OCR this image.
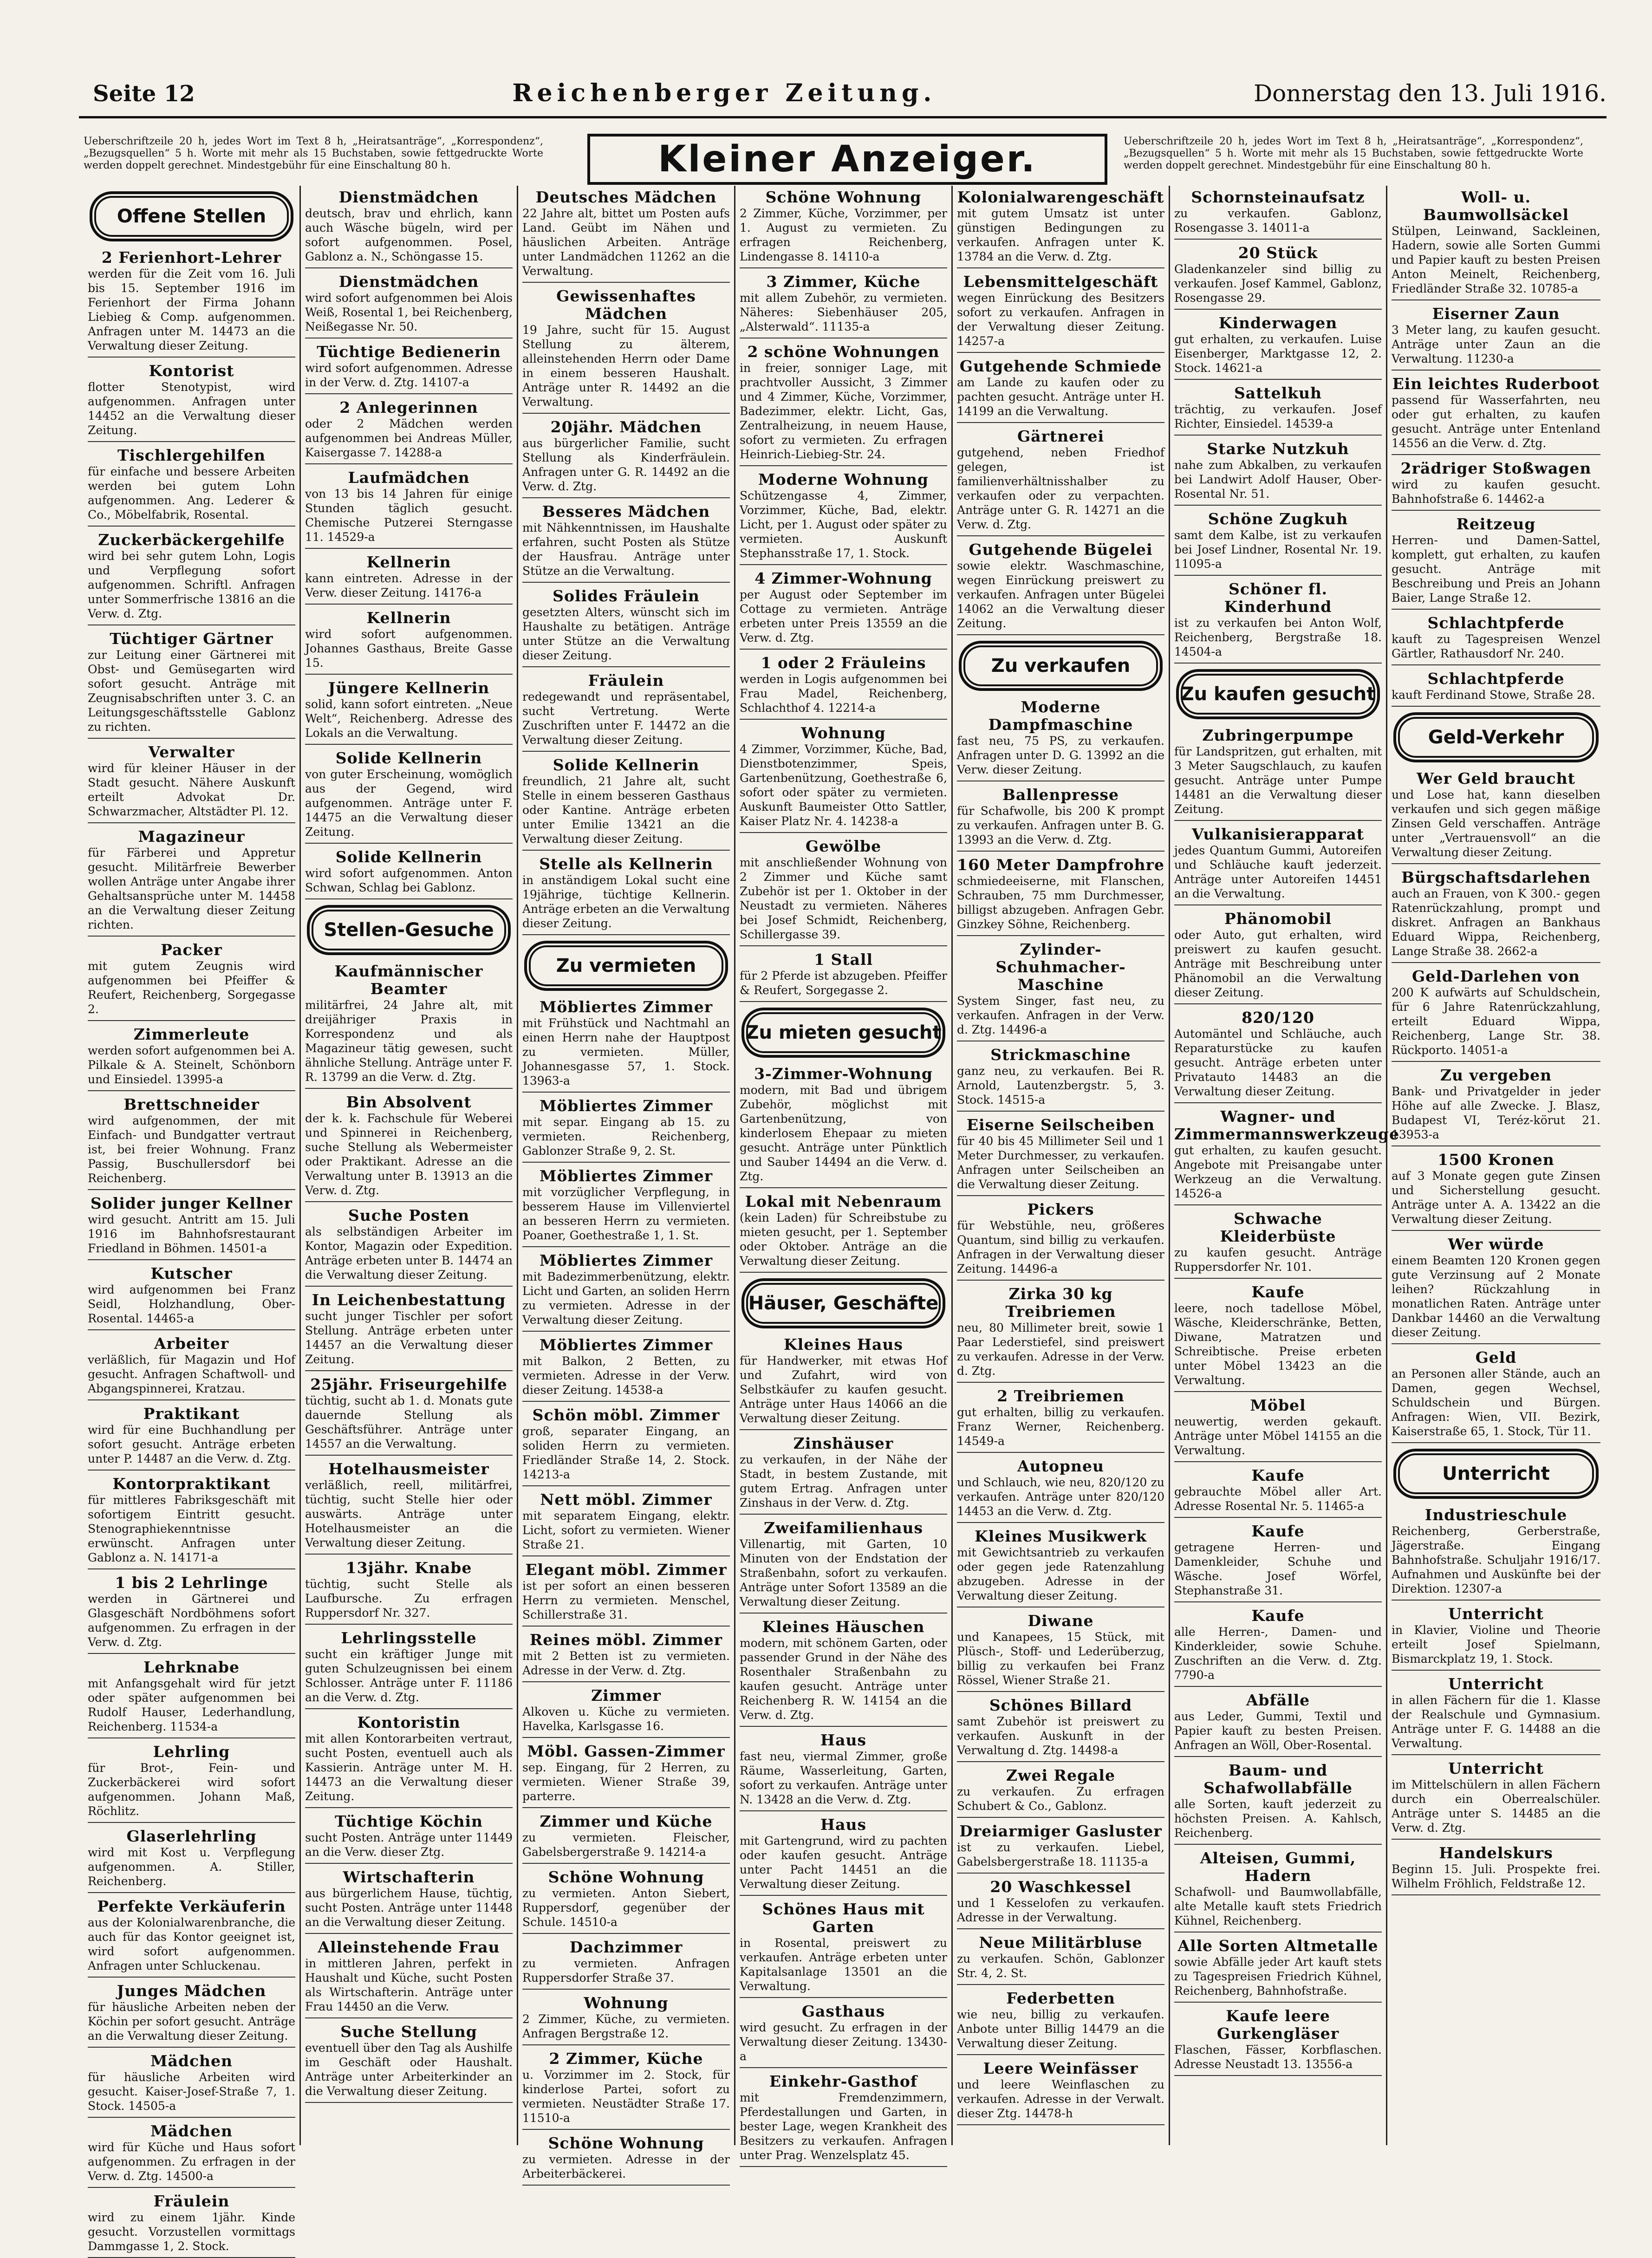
Seite 12	Reichenberger Zeitung.	Donnerstag den 13. Juli 1916.
Ueberschriftzeile 20 h, jedes Wort im Text 8 h, „Heiratsanträge“, „Korrespondenz“, „Bezugsquellen“ 5 h. Worte mit mehr als 15 Buchstaben, sowie fettgedruckte Worte werden doppelt gerechnet. Mindestgebühr für eine Einschaltung 80 h.	Kleiner Anzeiger.	Ueberschriftzeile 20 h, jedes Wort im Text 8 h, „Heiratsanträge“, „Korrespondenz“, „Bezugsquellen“ 5 h. Worte mit mehr als 15 Buchstaben, sowie fettgedruckte Worte werden doppelt gerechnet. Mindestgebühr für eine Einschaltung 80 h.
Offene Stellen
2 Ferienhort-Lehrer
werden für die Zeit vom 16. Juli bis 15. September 1916 im Ferienhort der Firma Johann Liebieg & Comp. aufgenommen. Anfragen unter M. 14473 an die Verwaltung dieser Zeitung.
Kontorist
flotter Stenotypist, wird aufgenommen. Anfragen unter 14452 an die Verwaltung dieser Zeitung.
Tischlergehilfen
für einfache und bessere Arbeiten werden bei gutem Lohn aufgenommen. Ang. Lederer & Co., Möbelfabrik, Rosental.
Zuckerbäckergehilfe
wird bei sehr gutem Lohn, Logis und Verpflegung sofort aufgenommen. Schriftl. Anfragen unter Sommerfrische 13816 an die Verw. d. Ztg.
Tüchtiger Gärtner
zur Leitung einer Gärtnerei mit Obst- und Gemüsegarten wird sofort gesucht. Anträge mit Zeugnisabschriften unter 3. C. an Leitungsgeschäftsstelle Gablonz zu richten.
Verwalter
wird für kleiner Häuser in der Stadt gesucht. Nähere Auskunft erteilt Advokat Dr. Schwarzmacher, Altstädter Pl. 12.
Magazineur
für Färberei und Appretur gesucht. Militärfreie Bewerber wollen Anträge unter Angabe ihrer Gehaltsansprüche unter M. 14458 an die Verwaltung dieser Zeitung richten.
Packer
mit gutem Zeugnis wird aufgenommen bei Pfeiffer & Reufert, Reichenberg, Sorgegasse 2.
Zimmerleute
werden sofort aufgenommen bei A. Pilkale & A. Steinelt, Schönborn und Einsiedel. 13995-a
Brettschneider
wird aufgenommen, der mit Einfach- und Bundgatter vertraut ist, bei freier Wohnung. Franz Passig, Buschullersdorf bei Reichenberg.
Solider junger Kellner
wird gesucht. Antritt am 15. Juli 1916 im Bahnhofsrestaurant Friedland in Böhmen. 14501-a
Kutscher
wird aufgenommen bei Franz Seidl, Holzhandlung, Ober-Rosental. 14465-a
Arbeiter
verläßlich, für Magazin und Hof gesucht. Anfragen Schaftwoll- und Abgangspinnerei, Kratzau.
Praktikant
wird für eine Buchhandlung per sofort gesucht. Anträge erbeten unter P. 14487 an die Verw. d. Ztg.
Kontorpraktikant
für mittleres Fabriksgeschäft mit sofortigem Eintritt gesucht. Stenographiekenntnisse erwünscht. Anfragen unter Gablonz a. N. 14171-a
1 bis 2 Lehrlinge
werden in Gärtnerei und Glasgeschäft Nordböhmens sofort aufgenommen. Zu erfragen in der Verw. d. Ztg.
Lehrknabe
mit Anfangsgehalt wird für jetzt oder später aufgenommen bei Rudolf Hauser, Lederhandlung, Reichenberg. 11534-a
Lehrling
für Brot-, Fein- und Zuckerbäckerei wird sofort aufgenommen. Johann Maß, Röchlitz.
Glaserlehrling
wird mit Kost u. Verpflegung aufgenommen. A. Stiller, Reichenberg.
Perfekte Verkäuferin
aus der Kolonialwarenbranche, die auch für das Kontor geeignet ist, wird sofort aufgenommen. Anfragen unter Schluckenau.
Junges Mädchen
für häusliche Arbeiten neben der Köchin per sofort gesucht. Anträge an die Verwaltung dieser Zeitung.
Mädchen
für häusliche Arbeiten wird gesucht. Kaiser-Josef-Straße 7, 1. Stock. 14505-a
Mädchen
wird für Küche und Haus sofort aufgenommen. Zu erfragen in der Verw. d. Ztg. 14500-a
Fräulein
wird zu einem 1jähr. Kinde gesucht. Vorzustellen vormittags Dammgasse 1, 2. Stock.
Dienstmädchen
deutsch, brav und ehrlich, kann auch Wäsche bügeln, wird per sofort aufgenommen. Posel, Gablonz a. N., Schöngasse 15.
Dienstmädchen
wird sofort aufgenommen bei Alois Weiß, Rosental 1, bei Reichenberg, Neißegasse Nr. 50.
Tüchtige Bedienerin
wird sofort aufgenommen. Adresse in der Verw. d. Ztg. 14107-a
2 Anlegerinnen
oder 2 Mädchen werden aufgenommen bei Andreas Müller, Kaisergasse 7. 14288-a
Laufmädchen
von 13 bis 14 Jahren für einige Stunden täglich gesucht. Chemische Putzerei Sterngasse 11. 14529-a
Kellnerin
kann eintreten. Adresse in der Verw. dieser Zeitung. 14176-a
Kellnerin
wird sofort aufgenommen. Johannes Gasthaus, Breite Gasse 15.
Jüngere Kellnerin
solid, kann sofort eintreten. „Neue Welt“, Reichenberg. Adresse des Lokals an die Verwaltung.
Solide Kellnerin
von guter Erscheinung, womöglich aus der Gegend, wird aufgenommen. Anträge unter F. 14475 an die Verwaltung dieser Zeitung.
Solide Kellnerin
wird sofort aufgenommen. Anton Schwan, Schlag bei Gablonz.
Stellen-Gesuche
Kaufmännischer Beamter
militärfrei, 24 Jahre alt, mit dreijähriger Praxis in Korrespondenz und als Magazineur tätig gewesen, sucht ähnliche Stellung. Anträge unter F. R. 13799 an die Verw. d. Ztg.
Bin Absolvent
der k. k. Fachschule für Weberei und Spinnerei in Reichenberg, suche Stellung als Webermeister oder Praktikant. Adresse an die Verwaltung unter B. 13913 an die Verw. d. Ztg.
Suche Posten
als selbständigen Arbeiter im Kontor, Magazin oder Expedition. Anträge erbeten unter B. 14474 an die Verwaltung dieser Zeitung.
In Leichenbestattung
sucht junger Tischler per sofort Stellung. Anträge erbeten unter 14457 an die Verwaltung dieser Zeitung.
25jähr. Friseurgehilfe
tüchtig, sucht ab 1. d. Monats gute dauernde Stellung als Geschäftsführer. Anträge unter 14557 an die Verwaltung.
Hotelhausmeister
verläßlich, reell, militärfrei, tüchtig, sucht Stelle hier oder auswärts. Anträge unter Hotelhausmeister an die Verwaltung dieser Zeitung.
13jähr. Knabe
tüchtig, sucht Stelle als Laufbursche. Zu erfragen Ruppersdorf Nr. 327.
Lehrlingsstelle
sucht ein kräftiger Junge mit guten Schulzeugnissen bei einem Schlosser. Anträge unter F. 11186 an die Verw. d. Ztg.
Kontoristin
mit allen Kontorarbeiten vertraut, sucht Posten, eventuell auch als Kassierin. Anträge unter M. H. 14473 an die Verwaltung dieser Zeitung.
Tüchtige Köchin
sucht Posten. Anträge unter 11449 an die Verw. dieser Ztg.
Wirtschafterin
aus bürgerlichem Hause, tüchtig, sucht Posten. Anträge unter 11448 an die Verwaltung dieser Zeitung.
Alleinstehende Frau
in mittleren Jahren, perfekt in Haushalt und Küche, sucht Posten als Wirtschafterin. Anträge unter Frau 14450 an die Verw.
Suche Stellung
eventuell über den Tag als Aushilfe im Geschäft oder Haushalt. Anträge unter Arbeiterkinder an die Verwaltung dieser Zeitung.
Deutsches Mädchen
22 Jahre alt, bittet um Posten aufs Land. Geübt im Nähen und häuslichen Arbeiten. Anträge unter Landmädchen 11262 an die Verwaltung.
Gewissenhaftes Mädchen
19 Jahre, sucht für 15. August Stellung zu älterem, alleinstehenden Herrn oder Dame in einem besseren Haushalt. Anträge unter R. 14492 an die Verwaltung.
20jähr. Mädchen
aus bürgerlicher Familie, sucht Stellung als Kinderfräulein. Anfragen unter G. R. 14492 an die Verw. d. Ztg.
Besseres Mädchen
mit Nähkenntnissen, im Haushalte erfahren, sucht Posten als Stütze der Hausfrau. Anträge unter Stütze an die Verwaltung.
Solides Fräulein
gesetzten Alters, wünscht sich im Haushalte zu betätigen. Anträge unter Stütze an die Verwaltung dieser Zeitung.
Fräulein
redegewandt und repräsentabel, sucht Vertretung. Werte Zuschriften unter F. 14472 an die Verwaltung dieser Zeitung.
Solide Kellnerin
freundlich, 21 Jahre alt, sucht Stelle in einem besseren Gasthaus oder Kantine. Anträge erbeten unter Emilie 13421 an die Verwaltung dieser Zeitung.
Stelle als Kellnerin
in anständigem Lokal sucht eine 19jährige, tüchtige Kellnerin. Anträge erbeten an die Verwaltung dieser Zeitung.
Zu vermieten
Möbliertes Zimmer
mit Frühstück und Nachtmahl an einen Herrn nahe der Hauptpost zu vermieten. Müller, Johannesgasse 57, 1. Stock. 13963-a
Möbliertes Zimmer
mit separ. Eingang ab 15. zu vermieten. Reichenberg, Gablonzer Straße 9, 2. St.
Möbliertes Zimmer
mit vorzüglicher Verpflegung, in besserem Hause im Villenviertel an besseren Herrn zu vermieten. Poaner, Goethestraße 1, 1. St.
Möbliertes Zimmer
mit Badezimmerbenützung, elektr. Licht und Garten, an soliden Herrn zu vermieten. Adresse in der Verwaltung dieser Zeitung.
Möbliertes Zimmer
mit Balkon, 2 Betten, zu vermieten. Adresse in der Verw. dieser Zeitung. 14538-a
Schön möbl. Zimmer
groß, separater Eingang, an soliden Herrn zu vermieten. Friedländer Straße 14, 2. Stock. 14213-a
Nett möbl. Zimmer
mit separatem Eingang, elektr. Licht, sofort zu vermieten. Wiener Straße 21.
Elegant möbl. Zimmer
ist per sofort an einen besseren Herrn zu vermieten. Menschel, Schillerstraße 31.
Reines möbl. Zimmer
mit 2 Betten ist zu vermieten. Adresse in der Verw. d. Ztg.
Zimmer
Alkoven u. Küche zu vermieten. Havelka, Karlsgasse 16.
Möbl. Gassen-Zimmer
sep. Eingang, für 2 Herren, zu vermieten. Wiener Straße 39, parterre.
Zimmer und Küche
zu vermieten. Fleischer, Gabelsbergerstraße 9. 14214-a
Schöne Wohnung
zu vermieten. Anton Siebert, Ruppersdorf, gegenüber der Schule. 14510-a
Dachzimmer
zu vermieten. Anfragen Ruppersdorfer Straße 37.
Wohnung
2 Zimmer, Küche, zu vermieten. Anfragen Bergstraße 12.
2 Zimmer, Küche
u. Vorzimmer im 2. Stock, für kinderlose Partei, sofort zu vermieten. Neustädter Straße 17. 11510-a
Schöne Wohnung
zu vermieten. Adresse in der Arbeiterbäckerei.
Schöne Wohnung
2 Zimmer, Küche, Vorzimmer, per 1. August zu vermieten. Zu erfragen Reichenberg, Lindengasse 8. 14110-a
3 Zimmer, Küche
mit allem Zubehör, zu vermieten. Näheres: Siebenhäuser 205, „Alsterwald“. 11135-a
2 schöne Wohnungen
in freier, sonniger Lage, mit prachtvoller Aussicht, 3 Zimmer und 4 Zimmer, Küche, Vorzimmer, Badezimmer, elektr. Licht, Gas, Zentralheizung, in neuem Hause, sofort zu vermieten. Zu erfragen Heinrich-Liebieg-Str. 24.
Moderne Wohnung
Schützengasse 4, Zimmer, Vorzimmer, Küche, Bad, elektr. Licht, per 1. August oder später zu vermieten. Auskunft Stephansstraße 17, 1. Stock.
4 Zimmer-Wohnung
per August oder September im Cottage zu vermieten. Anträge erbeten unter Preis 13559 an die Verw. d. Ztg.
1 oder 2 Fräuleins
werden in Logis aufgenommen bei Frau Madel, Reichenberg, Schlachthof 4. 12214-a
Wohnung
4 Zimmer, Vorzimmer, Küche, Bad, Dienstbotenzimmer, Speis, Gartenbenützung, Goethestraße 6, sofort oder später zu vermieten. Auskunft Baumeister Otto Sattler, Kaiser Platz Nr. 4. 14238-a
Gewölbe
mit anschließender Wohnung von 2 Zimmer und Küche samt Zubehör ist per 1. Oktober in der Neustadt zu vermieten. Näheres bei Josef Schmidt, Reichenberg, Schillergasse 39.
1 Stall
für 2 Pferde ist abzugeben. Pfeiffer & Reufert, Sorgegasse 2.
Zu mieten gesucht
3-Zimmer-Wohnung
modern, mit Bad und übrigem Zubehör, möglichst mit Gartenbenützung, von kinderlosem Ehepaar zu mieten gesucht. Anträge unter Pünktlich und Sauber 14494 an die Verw. d. Ztg.
Lokal mit Nebenraum
(kein Laden) für Schreibstube zu mieten gesucht, per 1. September oder Oktober. Anträge an die Verwaltung dieser Zeitung.
Häuser, Geschäfte
Kleines Haus
für Handwerker, mit etwas Hof und Zufahrt, wird von Selbstkäufer zu kaufen gesucht. Anträge unter Haus 14066 an die Verwaltung dieser Zeitung.
Zinshäuser
zu verkaufen, in der Nähe der Stadt, in bestem Zustande, mit gutem Ertrag. Anfragen unter Zinshaus in der Verw. d. Ztg.
Zweifamilienhaus
Villenartig, mit Garten, 10 Minuten von der Endstation der Straßenbahn, sofort zu verkaufen. Anträge unter Sofort 13589 an die Verwaltung dieser Zeitung.
Kleines Häuschen
modern, mit schönem Garten, oder passender Grund in der Nähe des Rosenthaler Straßenbahn zu kaufen gesucht. Anträge unter Reichenberg R. W. 14154 an die Verw. d. Ztg.
Haus
fast neu, viermal Zimmer, große Räume, Wasserleitung, Garten, sofort zu verkaufen. Anträge unter N. 13428 an die Verw. d. Ztg.
Haus
mit Gartengrund, wird zu pachten oder kaufen gesucht. Anträge unter Pacht 14451 an die Verwaltung dieser Zeitung.
Schönes Haus mit Garten
in Rosental, preiswert zu verkaufen. Anträge erbeten unter Kapitalsanlage 13501 an die Verwaltung.
Gasthaus
wird gesucht. Zu erfragen in der Verwaltung dieser Zeitung. 13430-a
Einkehr-Gasthof
mit Fremdenzimmern, Pferdestallungen und Garten, in bester Lage, wegen Krankheit des Besitzers zu verkaufen. Anfragen unter Prag. Wenzelsplatz 45.
Kolonialwarengeschäft
mit gutem Umsatz ist unter günstigen Bedingungen zu verkaufen. Anfragen unter K. 13784 an die Verw. d. Ztg.
Lebensmittelgeschäft
wegen Einrückung des Besitzers sofort zu verkaufen. Anfragen in der Verwaltung dieser Zeitung. 14257-a
Gutgehende Schmiede
am Lande zu kaufen oder zu pachten gesucht. Anträge unter H. 14199 an die Verwaltung.
Gärtnerei
gutgehend, neben Friedhof gelegen, ist familienverhältnisshalber zu verkaufen oder zu verpachten. Anträge unter G. R. 14271 an die Verw. d. Ztg.
Gutgehende Bügelei
sowie elektr. Waschmaschine, wegen Einrückung preiswert zu verkaufen. Anfragen unter Bügelei 14062 an die Verwaltung dieser Zeitung.
Zu verkaufen
Moderne Dampfmaschine
fast neu, 75 PS, zu verkaufen. Anfragen unter D. G. 13992 an die Verw. dieser Zeitung.
Ballenpresse
für Schafwolle, bis 200 K prompt zu verkaufen. Anfragen unter B. G. 13993 an die Verw. d. Ztg.
160 Meter Dampfrohre
schmiedeeiserne, mit Flanschen, Schrauben, 75 mm Durchmesser, billigst abzugeben. Anfragen Gebr. Ginzkey Söhne, Reichenberg.
Zylinder-Schuhmacher-Maschine
System Singer, fast neu, zu verkaufen. Anfragen in der Verw. d. Ztg. 14496-a
Strickmaschine
ganz neu, zu verkaufen. Bei R. Arnold, Lautenzbergstr. 5, 3. Stock. 14515-a
Eiserne Seilscheiben
für 40 bis 45 Millimeter Seil und 1 Meter Durchmesser, zu verkaufen. Anfragen unter Seilscheiben an die Verwaltung dieser Zeitung.
Pickers
für Webstühle, neu, größeres Quantum, sind billig zu verkaufen. Anfragen in der Verwaltung dieser Zeitung. 14496-a
Zirka 30 kg Treibriemen
neu, 80 Millimeter breit, sowie 1 Paar Lederstiefel, sind preiswert zu verkaufen. Adresse in der Verw. d. Ztg.
2 Treibriemen
gut erhalten, billig zu verkaufen. Franz Werner, Reichenberg. 14549-a
Autopneu
und Schlauch, wie neu, 820/120 zu verkaufen. Anträge unter 820/120 14453 an die Verw. d. Ztg.
Kleines Musikwerk
mit Gewichtsantrieb zu verkaufen oder gegen jede Ratenzahlung abzugeben. Adresse in der Verwaltung dieser Zeitung.
Diwane
und Kanapees, 15 Stück, mit Plüsch-, Stoff- und Lederüberzug, billig zu verkaufen bei Franz Rössel, Wiener Straße 21.
Schönes Billard
samt Zubehör ist preiswert zu verkaufen. Auskunft in der Verwaltung d. Ztg. 14498-a
Zwei Regale
zu verkaufen. Zu erfragen Schubert & Co., Gablonz.
Dreiarmiger Gasluster
ist zu verkaufen. Liebel, Gabelsbergerstraße 18. 11135-a
20 Waschkessel
und 1 Kesselofen zu verkaufen. Adresse in der Verwaltung.
Neue Militärbluse
zu verkaufen. Schön, Gablonzer Str. 4, 2. St.
Federbetten
wie neu, billig zu verkaufen. Anbote unter Billig 14479 an die Verwaltung dieser Zeitung.
Leere Weinfässer
und leere Weinflaschen zu verkaufen. Adresse in der Verwalt. dieser Ztg. 14478-h
Schornsteinaufsatz
zu verkaufen. Gablonz, Rosengasse 3. 14011-a
20 Stück
Gladenkanzeler sind billig zu verkaufen. Josef Kammel, Gablonz, Rosengasse 29.
Kinderwagen
gut erhalten, zu verkaufen. Luise Eisenberger, Marktgasse 12, 2. Stock. 14621-a
Sattelkuh
trächtig, zu verkaufen. Josef Richter, Einsiedel. 14539-a
Starke Nutzkuh
nahe zum Abkalben, zu verkaufen bei Landwirt Adolf Hauser, Ober-Rosental Nr. 51.
Schöne Zugkuh
samt dem Kalbe, ist zu verkaufen bei Josef Lindner, Rosental Nr. 19. 11095-a
Schöner fl. Kinderhund
ist zu verkaufen bei Anton Wolf, Reichenberg, Bergstraße 18. 14504-a
Zu kaufen gesucht
Zubringerpumpe
für Landspritzen, gut erhalten, mit 3 Meter Saugschlauch, zu kaufen gesucht. Anträge unter Pumpe 14481 an die Verwaltung dieser Zeitung.
Vulkanisierapparat
jedes Quantum Gummi, Autoreifen und Schläuche kauft jederzeit. Anträge unter Autoreifen 14451 an die Verwaltung.
Phänomobil
oder Auto, gut erhalten, wird preiswert zu kaufen gesucht. Anträge mit Beschreibung unter Phänomobil an die Verwaltung dieser Zeitung.
820/120
Automäntel und Schläuche, auch Reparaturstücke zu kaufen gesucht. Anträge erbeten unter Privatauto 14483 an die Verwaltung dieser Zeitung.
Wagner- und Zimmermannswerkzeuge
gut erhalten, zu kaufen gesucht. Angebote mit Preisangabe unter Werkzeug an die Verwaltung. 14526-a
Schwache Kleiderbüste
zu kaufen gesucht. Anträge Ruppersdorfer Nr. 101.
Kaufe
leere, noch tadellose Möbel, Wäsche, Kleiderschränke, Betten, Diwane, Matratzen und Schreibtische. Preise erbeten unter Möbel 13423 an die Verwaltung.
Möbel
neuwertig, werden gekauft. Anträge unter Möbel 14155 an die Verwaltung.
Kaufe
gebrauchte Möbel aller Art. Adresse Rosental Nr. 5. 11465-a
Kaufe
getragene Herren- und Damenkleider, Schuhe und Wäsche. Josef Wörfel, Stephanstraße 31.
Kaufe
alle Herren-, Damen- und Kinderkleider, sowie Schuhe. Zuschriften an die Verw. d. Ztg. 7790-a
Abfälle
aus Leder, Gummi, Textil und Papier kauft zu besten Preisen. Anfragen an Wöll, Ober-Rosental.
Baum- und Schafwollabfälle
alle Sorten, kauft jederzeit zu höchsten Preisen. A. Kahlsch, Reichenberg.
Alteisen, Gummi, Hadern
Schafwoll- und Baumwollabfälle, alte Metalle kauft stets Friedrich Kühnel, Reichenberg.
Alle Sorten Altmetalle
sowie Abfälle jeder Art kauft stets zu Tagespreisen Friedrich Kühnel, Reichenberg, Bahnhofstraße.
Kaufe leere Gurkengläser
Flaschen, Fässer, Korbflaschen. Adresse Neustadt 13. 13556-a
Woll- u. Baumwollsäckel
Stülpen, Leinwand, Sackleinen, Hadern, sowie alle Sorten Gummi und Papier kauft zu besten Preisen Anton Meinelt, Reichenberg, Friedländer Straße 32. 10785-a
Eiserner Zaun
3 Meter lang, zu kaufen gesucht. Anträge unter Zaun an die Verwaltung. 11230-a
Ein leichtes Ruderboot
passend für Wasserfahrten, neu oder gut erhalten, zu kaufen gesucht. Anträge unter Entenland 14556 an die Verw. d. Ztg.
2rädriger Stoßwagen
wird zu kaufen gesucht. Bahnhofstraße 6. 14462-a
Reitzeug
Herren- und Damen-Sattel, komplett, gut erhalten, zu kaufen gesucht. Anträge mit Beschreibung und Preis an Johann Baier, Lange Straße 12.
Schlachtpferde
kauft zu Tagespreisen Wenzel Gärtler, Rathausdorf Nr. 240.
Schlachtpferde
kauft Ferdinand Stowe, Straße 28.
Geld-Verkehr
Wer Geld braucht
und Lose hat, kann dieselben verkaufen und sich gegen mäßige Zinsen Geld verschaffen. Anträge unter „Vertrauensvoll“ an die Verwaltung dieser Zeitung.
Bürgschaftsdarlehen
auch an Frauen, von K 300.- gegen Ratenrückzahlung, prompt und diskret. Anfragen an Bankhaus Eduard Wippa, Reichenberg, Lange Straße 38. 2662-a
Geld-Darlehen von
200 K aufwärts auf Schuldschein, für 6 Jahre Ratenrückzahlung, erteilt Eduard Wippa, Reichenberg, Lange Str. 38. Rückporto. 14051-a
Zu vergeben
Bank- und Privatgelder in jeder Höhe auf alle Zwecke. J. Blasz, Budapest VI, Teréz-körut 21. 13953-a
1500 Kronen
auf 3 Monate gegen gute Zinsen und Sicherstellung gesucht. Anträge unter A. A. 13422 an die Verwaltung dieser Zeitung.
Wer würde
einem Beamten 120 Kronen gegen gute Verzinsung auf 2 Monate leihen? Rückzahlung in monatlichen Raten. Anträge unter Dankbar 14460 an die Verwaltung dieser Zeitung.
Geld
an Personen aller Stände, auch an Damen, gegen Wechsel, Schuldschein und Bürgen. Anfragen: Wien, VII. Bezirk, Kaiserstraße 65, 1. Stock, Tür 11.
Unterricht
Industrieschule
Reichenberg, Gerberstraße, Jägerstraße. Eingang Bahnhofstraße. Schuljahr 1916/17. Aufnahmen und Auskünfte bei der Direktion. 12307-a
Unterricht
in Klavier, Violine und Theorie erteilt Josef Spielmann, Bismarckplatz 19, 1. Stock.
Unterricht
in allen Fächern für die 1. Klasse der Realschule und Gymnasium. Anträge unter F. G. 14488 an die Verwaltung.
Unterricht
im Mittelschülern in allen Fächern durch ein Oberrealschüler. Anträge unter S. 14485 an die Verw. d. Ztg.
Handelskurs
Beginn 15. Juli. Prospekte frei. Wilhelm Fröhlich, Feldstraße 12.
